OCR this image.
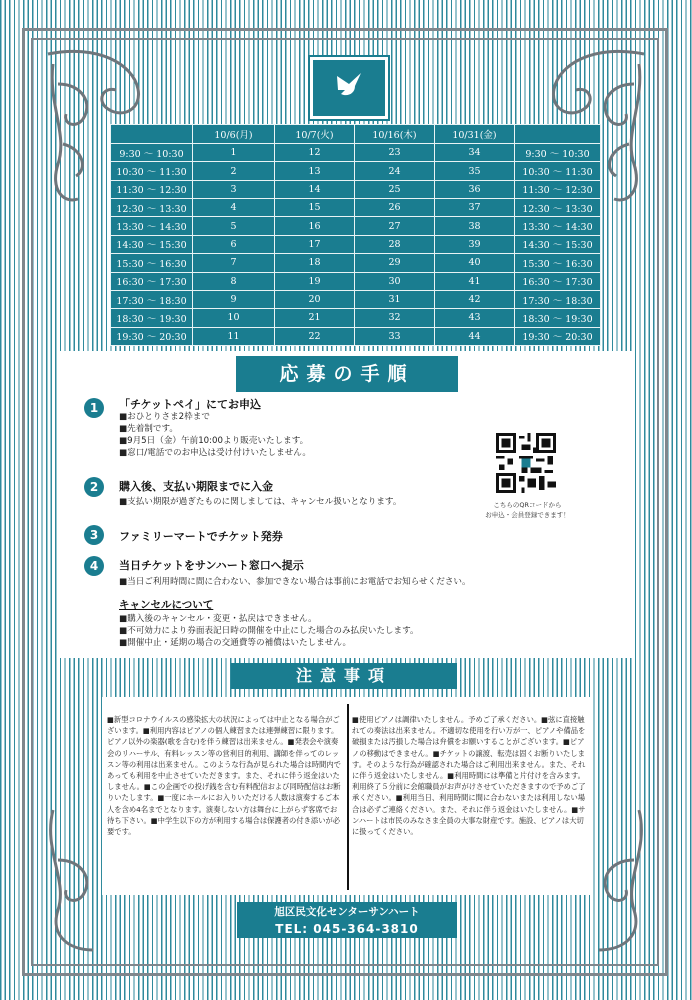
	10/6(月)	10/7(火)	10/16(木)	10/31(金)	
9:30 〜 10:30	1	12	23	34	9:30 〜 10:30
10:30 〜 11:30	2	13	24	35	10:30 〜 11:30
11:30 〜 12:30	3	14	25	36	11:30 〜 12:30
12:30 〜 13:30	4	15	26	37	12:30 〜 13:30
13:30 〜 14:30	5	16	27	38	13:30 〜 14:30
14:30 〜 15:30	6	17	28	39	14:30 〜 15:30
15:30 〜 16:30	7	18	29	40	15:30 〜 16:30
16:30 〜 17:30	8	19	30	41	16:30 〜 17:30
17:30 〜 18:30	9	20	31	42	17:30 〜 18:30
18:30 〜 19:30	10	21	32	43	18:30 〜 19:30
19:30 〜 20:30	11	22	33	44	19:30 〜 20:30
応募の手順
1	「チケットペイ」にてお申込
■おひとりさま2枠まで
■先着制です。
■9月5日（金）午前10:00より販売いたします。
■窓口/電話でのお申込は受け付けいたしません。
2	購入後、支払い期限までに入金
■支払い期限が過ぎたものに関しましては、キャンセル扱いとなります。
3	ファミリーマートでチケット発券
4	当日チケットをサンハート窓口へ提示
■当日ご利用時間に間に合わない、参加できない場合は事前にお電話でお知らせください。
キャンセルについて
■購入後のキャンセル・変更・払戻はできません。
■不可効力により券面表記日時の開催を中止にした場合のみ払戻いたします。
■開催中止・延期の場合の交通費等の補償はいたしません。
こちらのQRコードから
お申込・会員登録できます！
注意事項
■新型コロナウイルスの感染拡大の状況によっては中止となる場合がございます。■利用内容はピアノの個人練習または連弾練習に限ります。ピアノ以外の楽器(歌を含む)を伴う練習は出来ません。■発表会や演奏会のリハーサル、有料レッスン等の営利目的利用、講師を伴ってのレッスン等の利用は出来ません。このような行為が見られた場合は時間内であっても利用を中止させていただきます。また、それに伴う返金はいたしません。■この企画での投げ銭を含む有料配信および同時配信はお断りいたします。■一度にホールにお入りいただける人数は演奏するご本人を含め4名までとなります。演奏しない方は舞台に上がらず客席でお待ち下さい。■中学生以下の方が利用する場合は保護者の付き添いが必要です。
■使用ピアノは調律いたしません。予めご了承ください。■弦に直接触れての奏法は出来ません。不適切な使用を行い万が一、ピアノや備品を破損または汚損した場合は弁償をお願いすることがございます。■ピアノの移動はできません。■チケットの譲渡、転売は固くお断りいたします。そのような行為が確認された場合はご利用出来ません。また、それに伴う返金はいたしません。■利用時間には準備と片付けを含みます。利用終了５分前に会館職員がお声がけさせていただきますので予めご了承ください。■利用当日、利用時間に間に合わないまたは利用しない場合は必ずご連絡ください。また、それに伴う返金はいたしません。■サンハートは市民のみなさま全員の大事な財産です。施設、ピアノは大切に扱ってください。
旭区民文化センターサンハート
TEL: 045-364-3810
